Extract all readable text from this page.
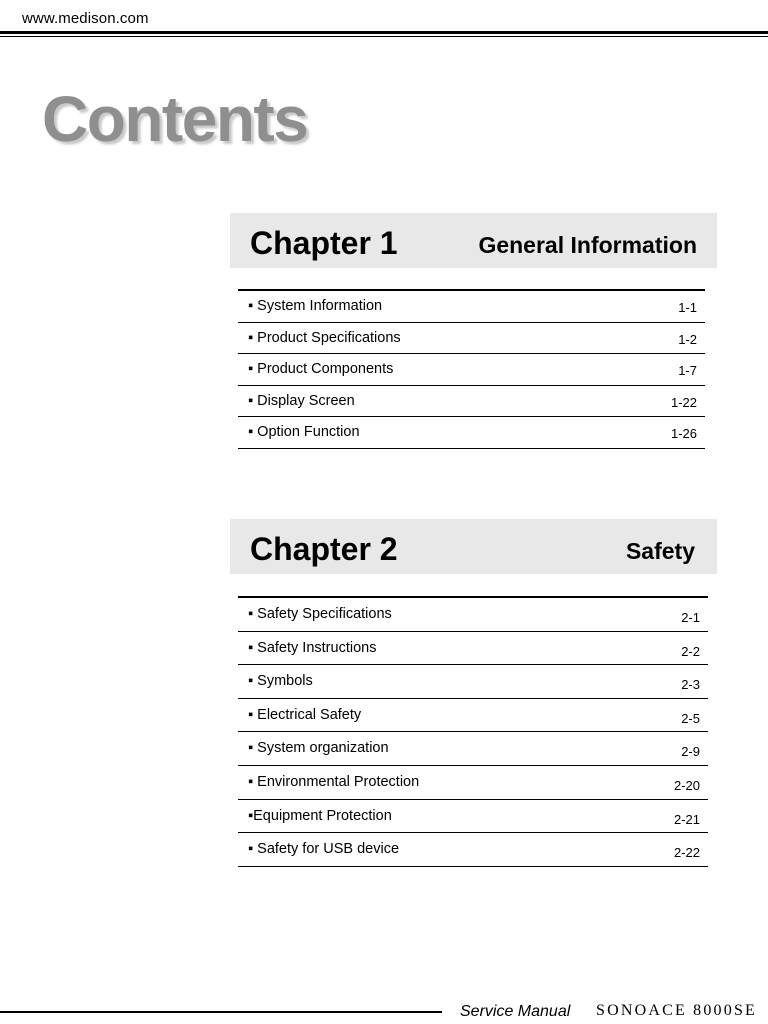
www.medison.com
Contents
Chapter 1	General Information
▪ System Information	1-1
▪ Product Specifications	1-2
▪ Product Components	1-7
▪ Display Screen	1-22
▪ Option Function	1-26
Chapter 2	Safety
▪ Safety Specifications	2-1
▪ Safety Instructions	2-2
▪ Symbols	2-3
▪ Electrical Safety	2-5
▪ System organization	2-9
▪ Environmental Protection	2-20
▪Equipment Protection	2-21
▪ Safety for USB device	2-22
Service Manual SONOACE 8000SE
